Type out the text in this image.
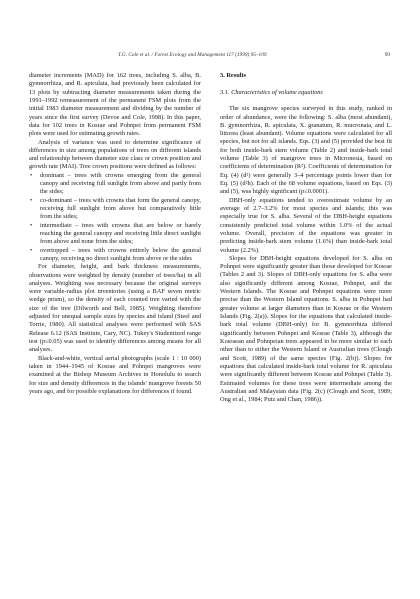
T.G. Cole et al. / Forest Ecology and Management 117 (1999) 95–109	99

diameter increments (MAD) for 162 trees, including S. alba, B. gymnorrhiza, and R. apiculata, had previously been calculated for 13 plots by subtracting diameter measurements taken during the 1991–1992 remeasurement of the permanent FSM plots from the initial 1983 diameter measurement and dividing by the number of years since the first survey (Devoe and Cole, 1998). In this paper, data for 102 trees in Kosrae and Pohnpei from permanent FSM plots were used for estimating growth rates.

Analysis of variance was used to determine significance of differences in size among populations of trees on different islands and relationship between diameter size class or crown position and growth rate (MAI). Tree crown positions were defined as follows:

• dominant – trees with crowns emerging from the general canopy and receiving full sunlight from above and partly from the sides;
• co-dominant – trees with crowns that form the general canopy, receiving full sunlight from above but comparatively little from the sides;
• intermediate – trees with crowns that are below or barely reaching the general canopy and receiving little direct sunlight from above and none from the sides;
• overtopped – trees with crowns entirely below the general canopy, receiving no direct sunlight from above or the sides

For diameter, height, and bark thickness measurements, observations were weighted by density (number of trees/ha) in all analyses. Weighting was necessary because the original surveys were variable-radius plot inventories (using a BAF seven metric wedge prism), so the density of each counted tree varied with the size of the tree (Dilworth and Bell, 1985). Weighting therefore adjusted for unequal sample sizes by species and island (Steel and Torrie, 1980). All statistical analyses were performed with SAS Release 6.12 (SAS Institute, Cary, NC). Tukey's Studentized range test (p≤0.05) was used to identify differences among means for all analyses.

Black-and-white, vertical aerial photographs (scale 1 : 10 000) taken in 1944–1945 of Kosrae and Pohnpei mangroves were examined at the Bishop Museum Archives in Honolulu to search for size and density differences in the islands' mangrove forests 50 years ago, and for possible explanations for differences if found.

3. Results

3.1. Characteristics of volume equations

The six mangrove species surveyed in this study, ranked in order of abundance, were the following: S. alba (most abundant), B. gymnorrhiza, R. apiculata, X. granatum, R. mucronata, and L. littorea (least abundant). Volume equations were calculated for all species, but not for all islands. Eqs. (3) and (5) provided the best fit for both inside-bark stem volume (Table 2) and inside-bark total volume (Table 3) of mangrove trees in Micronesia, based on coefficients of determination (R²). Coefficients of determination for Eq. (4) (d²) were generally 3–4 percentage points lower than for Eq. (5) (d²h). Each of the 68 volume equations, based on Eqs. (3) and (5), was highly significant (p≤0.0001).

DBH-only equations tended to overestimate volume by an average of 2.7–3.2% for most species and islands; this was especially true for S. alba. Several of the DBH-height equations consistently predicted total volume within 1.0% of the actual volume. Overall, precision of the equations was greater in predicting inside-bark stem volume (1.6%) than inside-bark total volume (2.2%).

Slopes for DBH-height equations developed for S. alba on Pohnpei were significantly greater than those developed for Kosrae (Tables 2 and 3). Slopes of DBH-only equations for S. alba were also significantly different among Kosrae, Pohnpei, and the Western Islands. The Kosrae and Pohnpei equations were more precise than the Western Island equations. S. alba in Pohnpei had greater volume at larger diameters than in Kosrae or the Western Islands (Fig. 2(a)). Slopes for the equations that calculated inside-bark total volume (DBH-only) for B. gymnorrhiza differed significantly between Pohnpei and Kosrae (Table 3), although the Kosraean and Pohnpeian trees appeared to be more similar to each other than to either the Western Island or Australian trees (Clough and Scott, 1989) of the same species (Fig. 2(b)). Slopes for equations that calculated inside-bark total volume for R. apiculata were significantly different between Kosrae and Pohnpei (Table 3). Estimated volumes for these trees were intermediate among the Australian and Malaysian data (Fig. 2(c) (Clough and Scott, 1989; Ong et al., 1984; Putz and Chan, 1986)).
